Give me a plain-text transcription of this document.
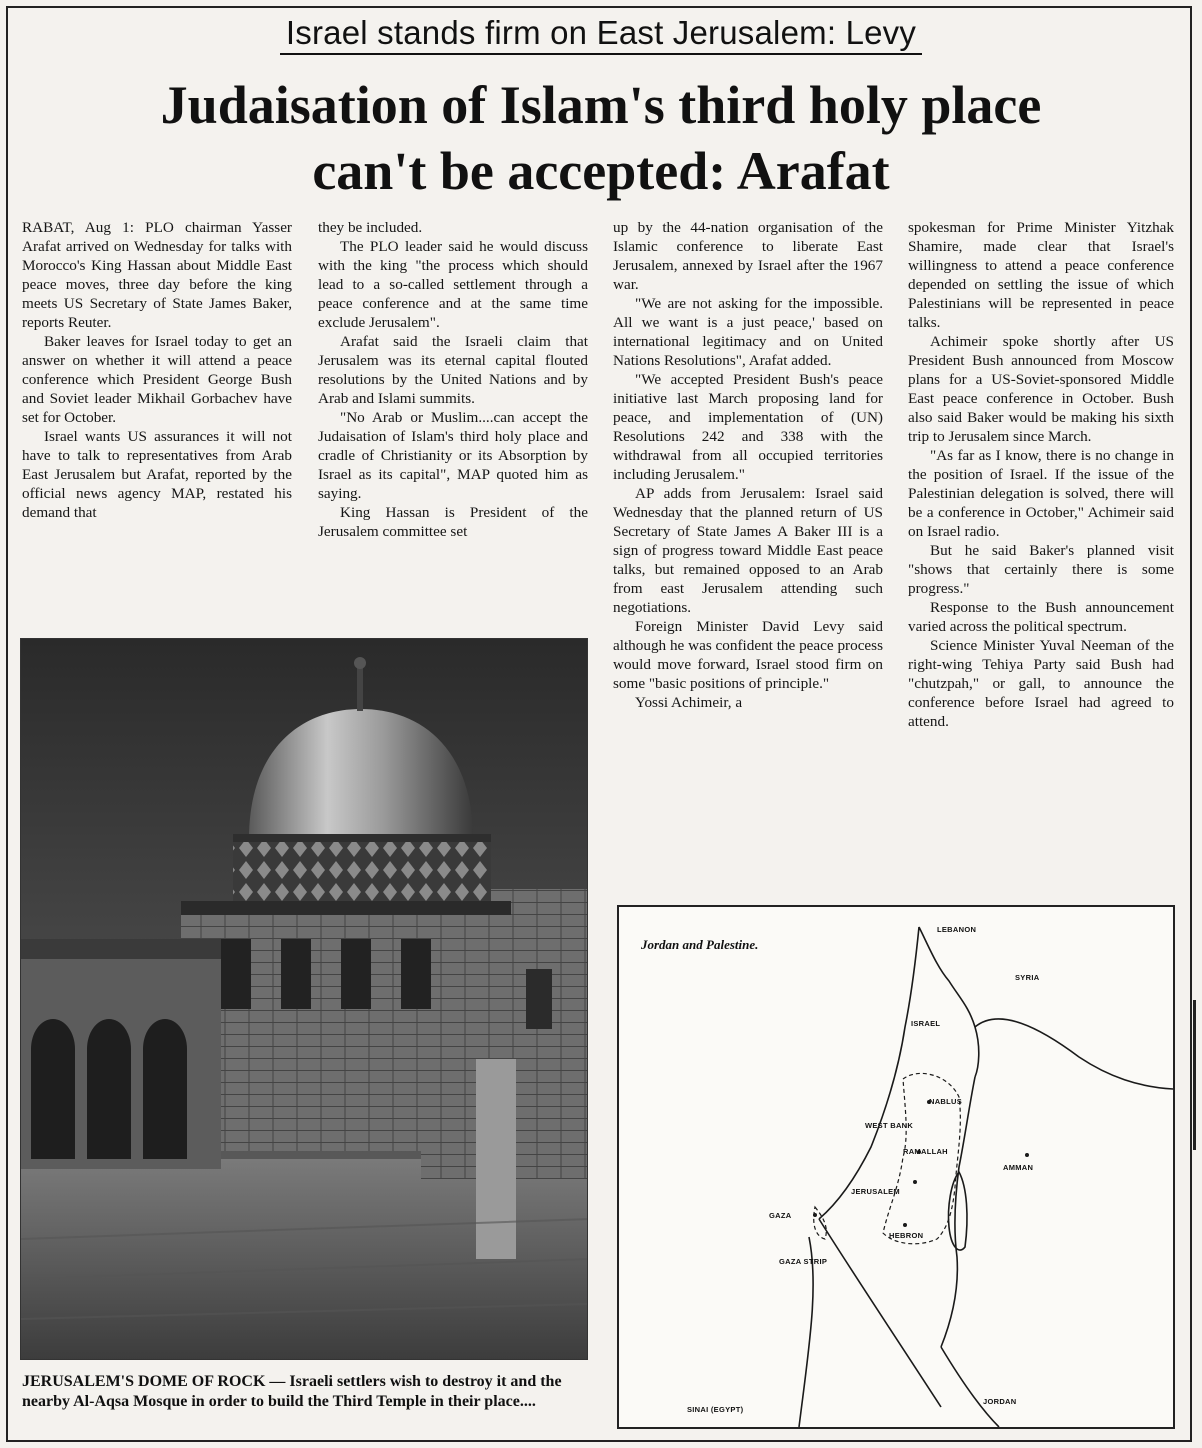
Israel stands firm on East Jerusalem: Levy
Judaisation of Islam's third holy place
can't be accepted: Arafat

RABAT, Aug 1: PLO chairman Yasser Arafat arrived on Wednesday for talks with Morocco's King Hassan about Middle East peace moves, three day before the king meets US Secretary of State James Baker, reports Reuter.

Baker leaves for Israel today to get an answer on whether it will attend a peace conference which President George Bush and Soviet leader Mikhail Gorbachev have set for October.

Israel wants US assurances it will not have to talk to representatives from Arab East Jerusalem but Arafat, reported by the official news agency MAP, restated his demand that

they be included.

The PLO leader said he would discuss with the king "the process which should lead to a so-called settlement through a peace conference and at the same time exclude Jerusalem".

Arafat said the Israeli claim that Jerusalem was its eternal capital flouted resolutions by the United Nations and by Arab and Islami summits.

"No Arab or Muslim....can accept the Judaisation of Islam's third holy place and cradle of Christianity or its Absorption by Israel as its capital", MAP quoted him as saying.

King Hassan is President of the Jerusalem committee set

up by the 44-nation organisation of the Islamic conference to liberate East Jerusalem, annexed by Israel after the 1967 war.

"We are not asking for the impossible. All we want is a just peace,' based on international legitimacy and on United Nations Resolutions", Arafat added.

"We accepted President Bush's peace initiative last March proposing land for peace, and implementation of (UN) Resolutions 242 and 338 with the withdrawal from all occupied territories including Jerusalem."

AP adds from Jerusalem: Israel said Wednesday that the planned return of US Secretary of State James A Baker III is a sign of progress toward Middle East peace talks, but remained opposed to an Arab from east Jerusalem attending such negotiations.

Foreign Minister David Levy said although he was confident the peace process would move forward, Israel stood firm on some "basic positions of principle."

Yossi Achimeir, a

spokesman for Prime Minister Yitzhak Shamire, made clear that Israel's willingness to attend a peace conference depended on settling the issue of which Palestinians will be represented in peace talks.

Achimeir spoke shortly after US President Bush announced from Moscow plans for a US-Soviet-sponsored Middle East peace conference in October. Bush also said Baker would be making his sixth trip to Jerusalem since March.

"As far as I know, there is no change in the position of Israel. If the issue of the Palestinian delegation is solved, there will be a conference in October," Achimeir said on Israel radio.

But he said Baker's planned visit "shows that certainly there is some progress."

Response to the Bush announcement varied across the political spectrum.

Science Minister Yuval Neeman of the right-wing Tehiya Party said Bush had "chutzpah," or gall, to announce the conference before Israel had agreed to attend.

JERUSALEM'S DOME OF ROCK — Israeli settlers wish to destroy it and the nearby Al-Aqsa Mosque in order to build the Third Temple in their place....
Jordan and Palestine.
LEBANON
SYRIA
ISRAEL
NABLUS
WEST BANK
RAMALLAH
AMMAN
JERUSALEM
GAZA
HEBRON
GAZA STRIP
SINAI (EGYPT)
JORDAN
